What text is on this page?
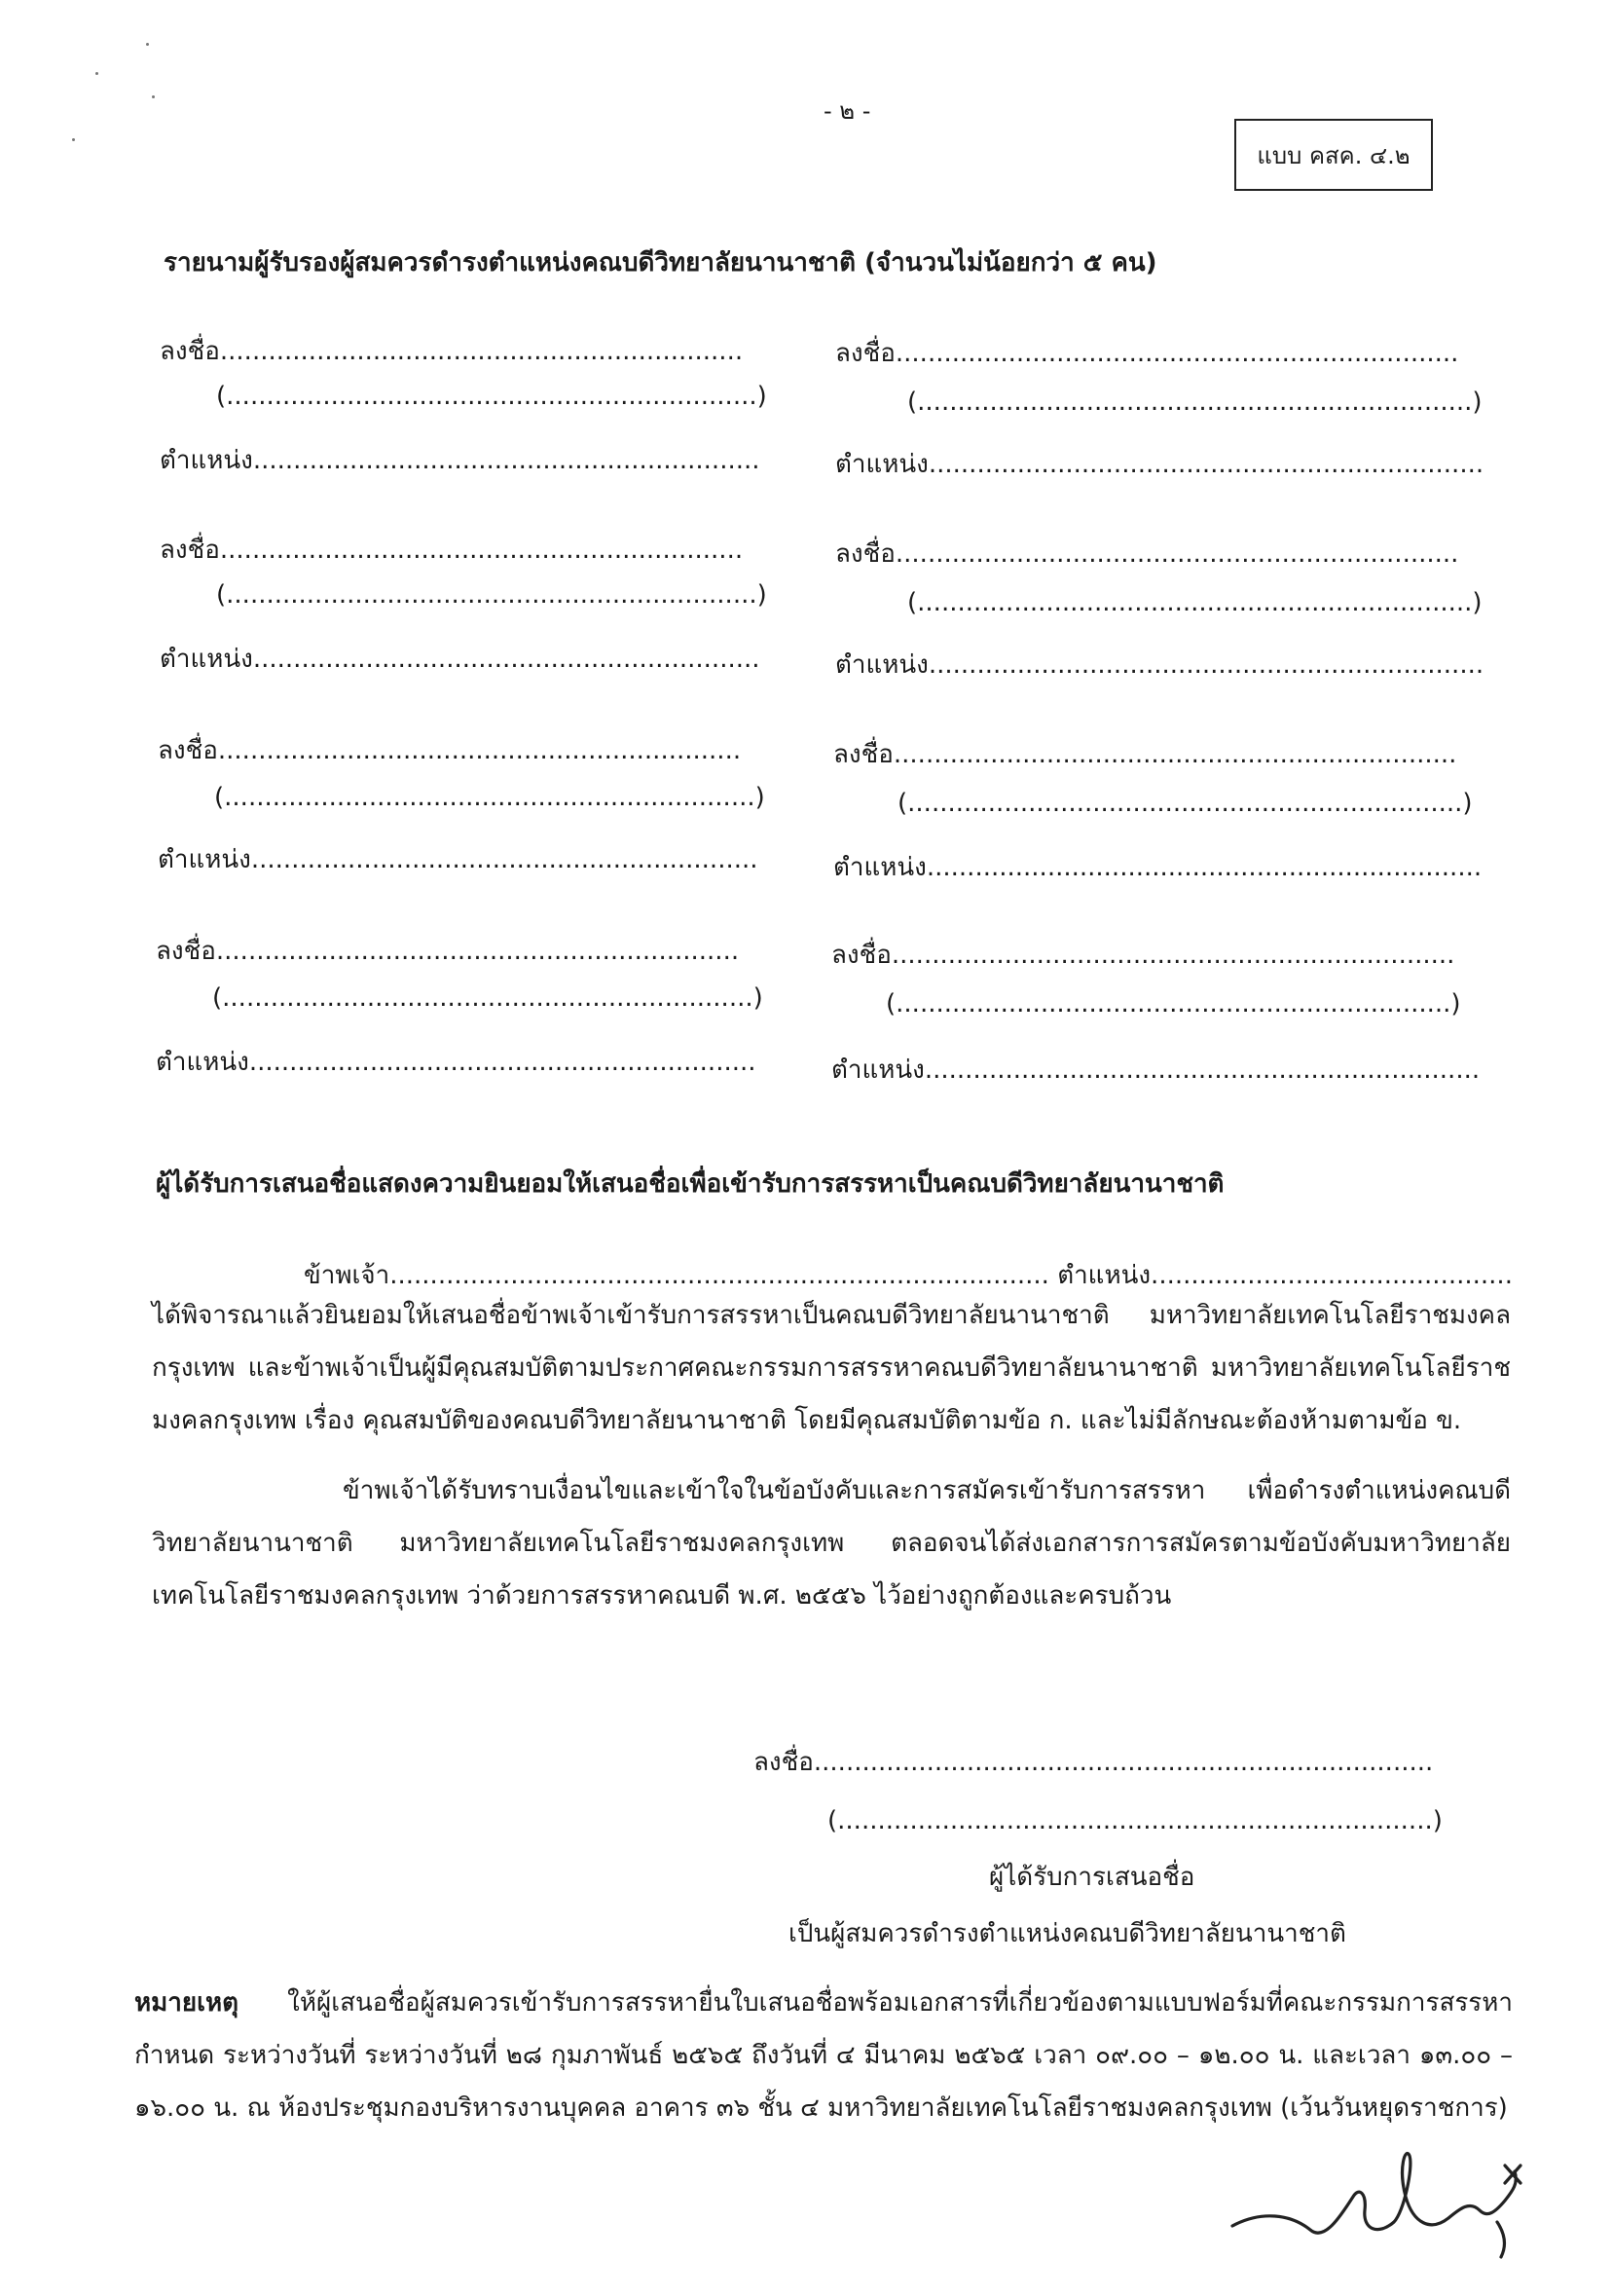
- ๒ -
แบบ คสค. ๔.๒
รายนามผู้รับรองผู้สมควรดำรงตำแหน่งคณบดีวิทยาลัยนานาชาติ (จำนวนไม่น้อยกว่า ๕ คน)
ลงชื่อ.................................................................
(..................................................................)
ตำแหน่ง...............................................................
ลงชื่อ......................................................................
(.....................................................................)
ตำแหน่ง.....................................................................
ลงชื่อ.................................................................
(..................................................................)
ตำแหน่ง...............................................................
ลงชื่อ......................................................................
(.....................................................................)
ตำแหน่ง.....................................................................
ลงชื่อ.................................................................
(..................................................................)
ตำแหน่ง...............................................................
ลงชื่อ......................................................................
(.....................................................................)
ตำแหน่ง.....................................................................
ลงชื่อ.................................................................
(..................................................................)
ตำแหน่ง...............................................................
ลงชื่อ......................................................................
(.....................................................................)
ตำแหน่ง.....................................................................
ผู้ได้รับการเสนอชื่อแสดงความยินยอมให้เสนอชื่อเพื่อเข้ารับการสรรหาเป็นคณบดีวิทยาลัยนานาชาติ
ข้าพเจ้า.................................................................................. ตำแหน่ง.............................................
ได้พิจารณาแล้วยินยอมให้เสนอชื่อข้าพเจ้าเข้ารับการสรรหาเป็นคณบดีวิทยาลัยนานาชาติ มหาวิทยาลัยเทคโนโลยีราชมงคลกรุงเทพ และข้าพเจ้าเป็นผู้มีคุณสมบัติตามประกาศคณะกรรมการสรรหาคณบดีวิทยาลัยนานาชาติ มหาวิทยาลัยเทคโนโลยีราชมงคลกรุงเทพ เรื่อง คุณสมบัติของคณบดีวิทยาลัยนานาชาติ โดยมีคุณสมบัติตามข้อ ก. และไม่มีลักษณะต้องห้ามตามข้อ ข.
ข้าพเจ้าได้รับทราบเงื่อนไขและเข้าใจในข้อบังคับและการสมัครเข้ารับการสรรหา เพื่อดำรงตำแหน่งคณบดีวิทยาลัยนานาชาติ มหาวิทยาลัยเทคโนโลยีราชมงคลกรุงเทพ ตลอดจนได้ส่งเอกสารการสมัครตามข้อบังคับมหาวิทยาลัยเทคโนโลยีราชมงคลกรุงเทพ ว่าด้วยการสรรหาคณบดี พ.ศ. ๒๕๕๖ ไว้อย่างถูกต้องและครบถ้วน
ลงชื่อ.............................................................................
(..........................................................................)
ผู้ได้รับการเสนอชื่อ
เป็นผู้สมควรดำรงตำแหน่งคณบดีวิทยาลัยนานาชาติ
หมายเหตุ ให้ผู้เสนอชื่อผู้สมควรเข้ารับการสรรหายื่นใบเสนอชื่อพร้อมเอกสารที่เกี่ยวข้องตามแบบฟอร์มที่คณะกรรมการสรรหากำหนด ระหว่างวันที่ ระหว่างวันที่ ๒๘ กุมภาพันธ์ ๒๕๖๕ ถึงวันที่ ๔ มีนาคม ๒๕๖๕ เวลา ๐๙.๐๐ – ๑๒.๐๐ น. และเวลา ๑๓.๐๐ – ๑๖.๐๐ น. ณ ห้องประชุมกองบริหารงานบุคคล อาคาร ๓๖ ชั้น ๔ มหาวิทยาลัยเทคโนโลยีราชมงคลกรุงเทพ (เว้นวันหยุดราชการ)
